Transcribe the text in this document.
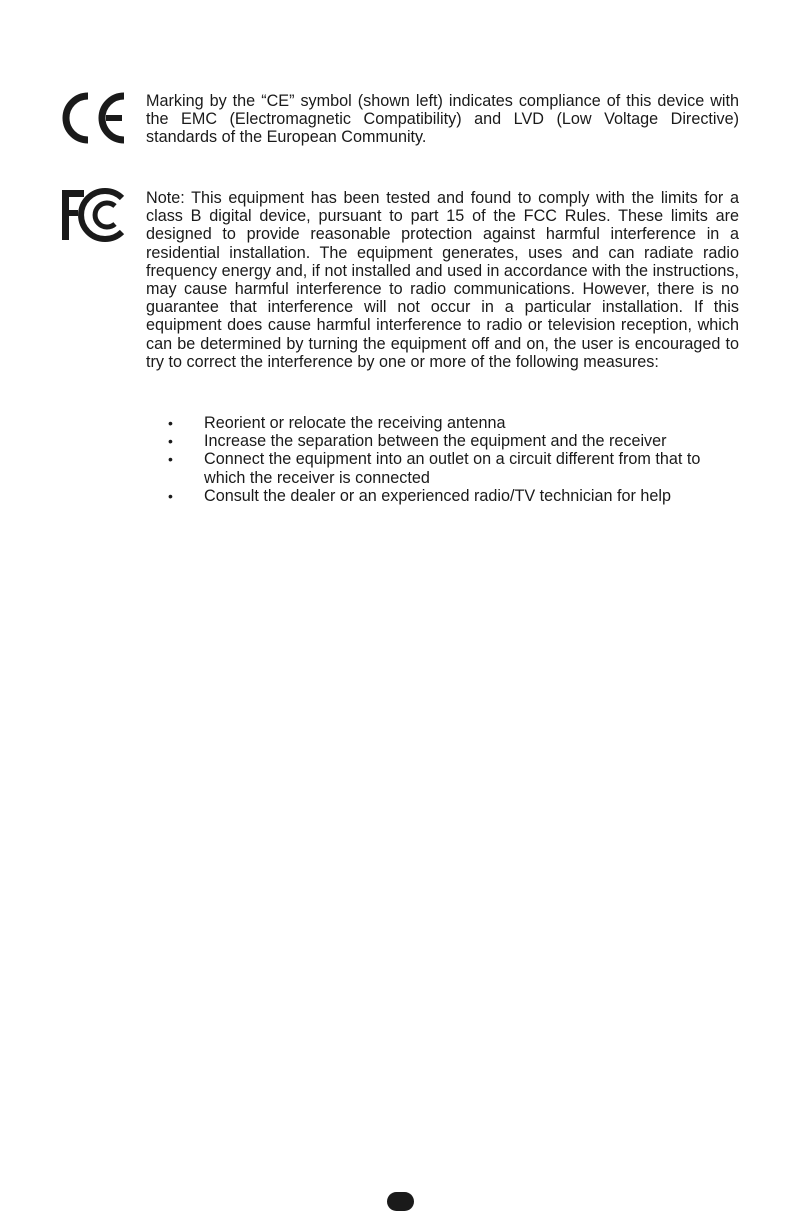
Marking by the “CE” symbol (shown left) indicates compliance of this device with the EMC (Electromagnetic Compatibility) and LVD (Low Voltage Directive) standards of the European Community.
Note: This equipment has been tested and found to comply with the limits for a class B digital device, pursuant to part 15 of the FCC Rules. These limits are designed to provide reasonable protection against harmful interference in a residential installation. The equipment generates, uses and can radiate radio frequency energy and, if not installed and used in accordance with the instructions, may cause harmful interference to radio communications. However, there is no guarantee that interference will not occur in a particular installation. If this equipment does cause harmful interference to radio or television reception, which can be determined by turning the equipment off and on, the user is encouraged to try to correct the interference by one or more of the following measures:
• Reorient or relocate the receiving antenna
• Increase the separation between the equipment and the receiver
• Connect the equipment into an outlet on a circuit different from that to which the receiver is connected
• Consult the dealer or an experienced radio/TV technician for help
